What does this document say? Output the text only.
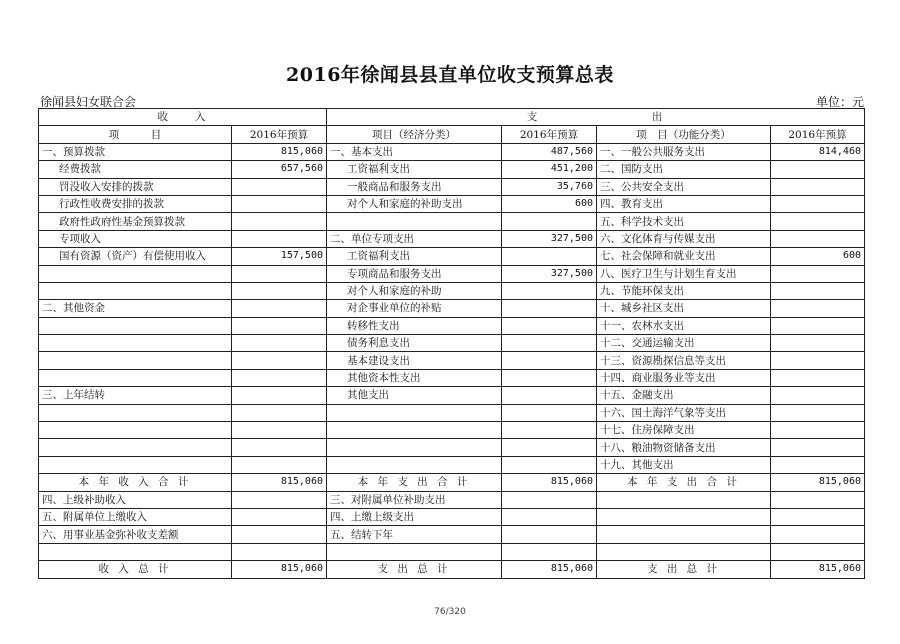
2016年徐闻县县直单位收支预算总表
徐闻县妇女联合会	单位：元
收　　入		支　　　　　　　　　出			
项　　　目	2016年预算	项目（经济分类）	2016年预算	项　目（功能分类）	2016年预算
一、预算拨款	815,060	一、基本支出	487,560	一、一般公共服务支出	814,460
经费拨款	657,560	工资福利支出	451,200	二、国防支出	
罚没收入安排的拨款		一般商品和服务支出	35,760	三、公共安全支出	
行政性收费安排的拨款		对个人和家庭的补助支出	600	四、教育支出	
政府性政府性基金预算拨款				五、科学技术支出	
专项收入		二、单位专项支出	327,500	六、文化体育与传媒支出	
国有资源（资产）有偿使用收入	157,500	工资福利支出		七、社会保障和就业支出	600
		专项商品和服务支出	327,500	八、医疗卫生与计划生育支出	
		对个人和家庭的补助		九、节能环保支出	
二、其他资金		对企事业单位的补贴		十、城乡社区支出	
		转移性支出		十一、农林水支出	
		债务利息支出		十二、交通运输支出	
		基本建设支出		十三、资源勘探信息等支出	
		其他资本性支出		十四、商业服务业等支出	
三、上年结转		其他支出		十五、金融支出	
				十六、国土海洋气象等支出	
				十七、住房保障支出	
				十八、粮油物资储备支出	
				十九、其他支出	
本 年 收 入 合 计	815,060	本 年 支 出 合 计	815,060	本 年 支 出 合 计	815,060
四、上级补助收入		三、对附属单位补助支出			
五、附属单位上缴收入		四、上缴上级支出			
六、用事业基金弥补收支差额		五、结转下年			

收 入 总 计	815,060	支 出 总 计	815,060	支 出 总 计	815,060
76/320
